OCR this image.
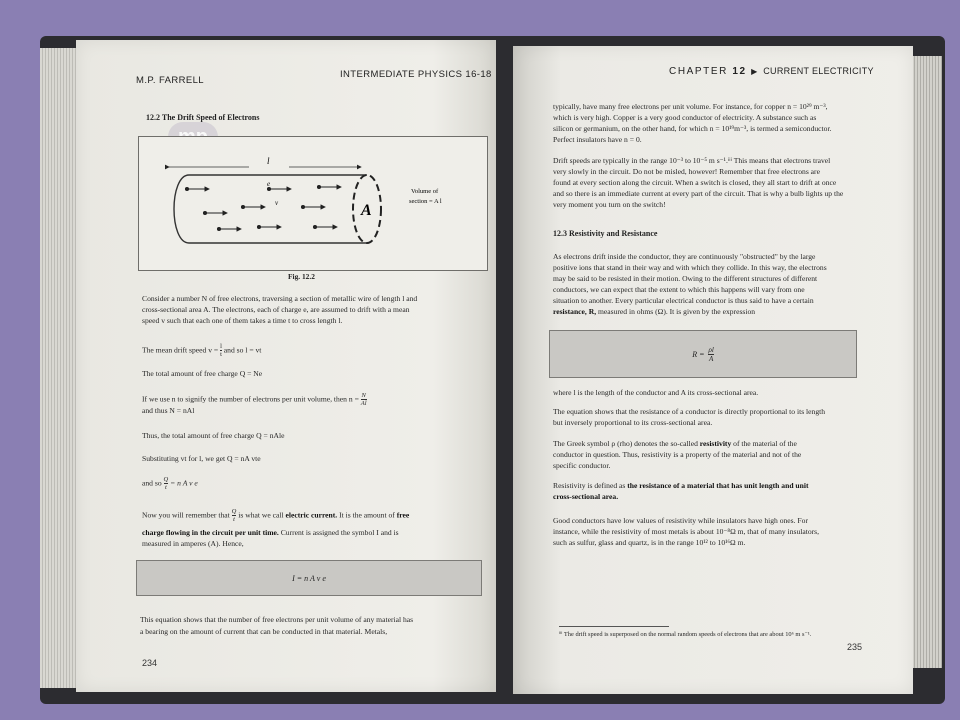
M.P. FARRELL
INTERMEDIATE PHYSICS 16-18
12.2 The Drift Speed of Electrons
l
e
v	A
Volume of
section = A l
Fig. 12.2
Consider a number N of free electrons, traversing a section of metallic wire of length l and
cross-sectional area A. The electrons, each of charge e, are assumed to drift with a mean
speed v such that each one of them takes a time t to cross length l.
The mean drift speed $v = \frac{l}{t}$ and so l = vt
The total amount of free charge Q = Ne
If we use n to signify the number of electrons per unit volume, then $n = \frac{N}{Al}$
and thus N = nAl
Thus, the total amount of free charge Q = nAle
Substituting vt for l, we get Q = nA vte
and so $\frac{Q}{t} = n$ A v e
Now you will remember that $\frac{Q}{t}$ is what we call electric current. It is the amount of free
charge flowing in the circuit per unit time. Current is assigned the symbol I and is
measured in amperes (A). Hence,
I = n A v e
This equation shows that the number of free electrons per unit volume of any material has
a bearing on the amount of current that can be conducted in that material. Metals,
234
CHAPTER 12 ▶ CURRENT ELECTRICITY
typically, have many free electrons per unit volume. For instance, for copper n = 10²⁹ m⁻³,
which is very high. Copper is a very good conductor of electricity. A substance such as
silicon or germanium, on the other hand, for which n = 10¹⁹m⁻³, is termed a semiconductor.
Perfect insulators have n = 0.
Drift speeds are typically in the range 10⁻³ to 10⁻⁵ m s⁻¹.ⁱⁱⁱ This means that electrons travel
very slowly in the circuit. Do not be misled, however! Remember that free electrons are
found at every section along the circuit. When a switch is closed, they all start to drift at once
and so there is an immediate current at every part of the circuit. That is why a bulb lights up the
very moment you turn on the switch!
12.3 Resistivity and Resistance
As electrons drift inside the conductor, they are continuously "obstructed" by the large
positive ions that stand in their way and with which they collide. In this way, the electrons
may be said to be resisted in their motion. Owing to the different structures of different
conductors, we can expect that the extent to which this happens will vary from one
situation to another. Every particular electrical conductor is thus said to have a certain
resistance, R, measured in ohms (Ω). It is given by the expression
$R = \frac{\rho l}{A}$
where l is the length of the conductor and A its cross-sectional area.
The equation shows that the resistance of a conductor is directly proportional to its length
but inversely proportional to its cross-sectional area.
The Greek symbol ρ (rho) denotes the so-called resistivity of the material of the
conductor in question. Thus, resistivity is a property of the material and not of the
specific conductor.
Resistivity is defined as the resistance of a material that has unit length and unit
cross-sectional area.
Good conductors have low values of resistivity while insulators have high ones. For
instance, while the resistivity of most metals is about 10⁻⁸Ω m, that of many insulators,
such as sulfur, glass and quartz, is in the range 10¹² to 10¹⁶Ω m.
ⁱⁱⁱ The drift speed is superposed on the normal random speeds of electrons that are about 10⁶ m s⁻¹.
235
